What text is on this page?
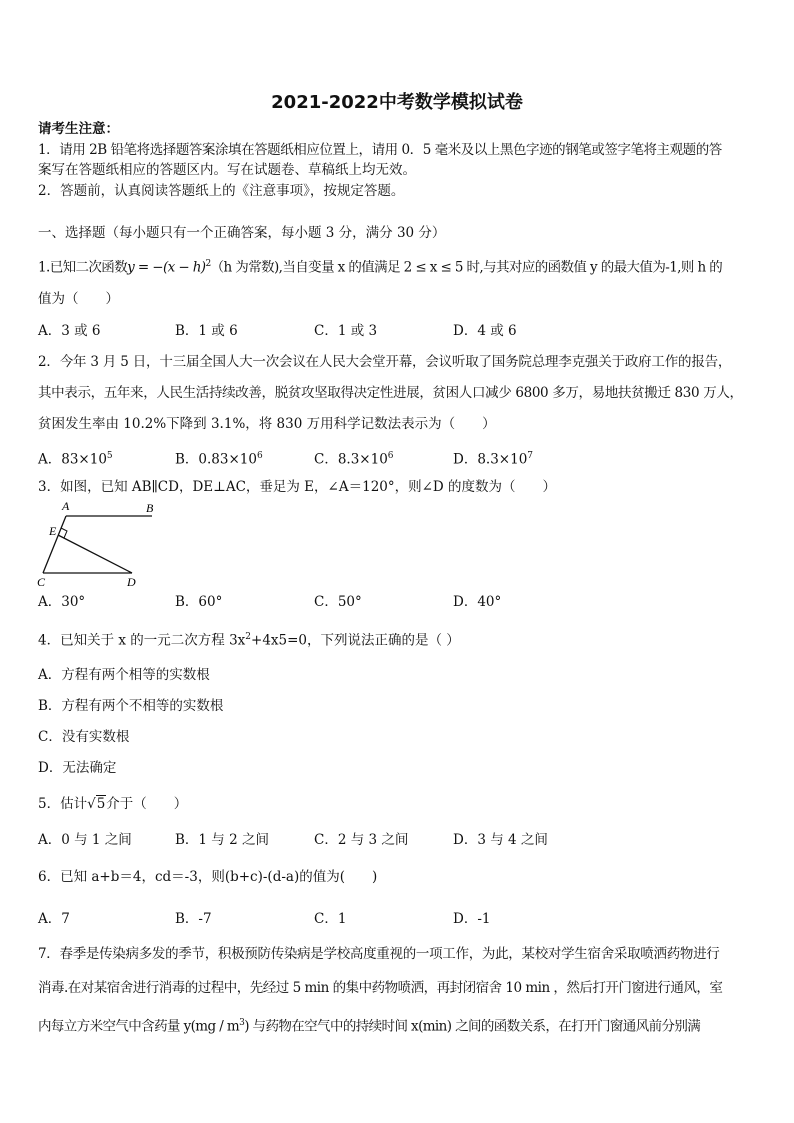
2021-2022中考数学模拟试卷
请考生注意：
1．请用 2B 铅笔将选择题答案涂填在答题纸相应位置上，请用 0．5 毫米及以上黑色字迹的钢笔或签字笔将主观题的答
案写在答题纸相应的答题区内。写在试题卷、草稿纸上均无效。
2．答题前，认真阅读答题纸上的《注意事项》，按规定答题。
一、选择题（每小题只有一个正确答案，每小题 3 分，满分 30 分）
1.已知二次函数$y = -(x - h)^2(h$ 为常数),当自变量 x 的值满足 2 ≤ x ≤ 5 时,与其对应的函数值 y 的最大值为-1,则 h 的
值为（　　）
A．3 或 6	B．1 或 6	C．1 或 3	D．4 或 6
2．今年 3 月 5 日，十三届全国人大一次会议在人民大会堂开幕，会议听取了国务院总理李克强关于政府工作的报告，
其中表示，五年来，人民生活持续改善，脱贫攻坚取得决定性进展，贫困人口减少 6800 多万，易地扶贫搬迁 830 万人，
贫困发生率由 10.2%下降到 3.1%，将 830 万用科学记数法表示为（　　）
A．$83\times 10^5$	B．$0.83\times 10^6$	C．$8.3\times 10^6$	D．$8.3\times 10^7$
3．如图，已知 AB∥CD，DE⊥AC，垂足为 E，∠A＝120°，则∠D 的度数为（　　）
A	B
E
C	D
A．30°	B．60°	C．50°	D．40°
4．已知关于 x 的一元二次方程 $3x^2+4x5=0$，下列说法正确的是（ ）
A．方程有两个相等的实数根
B．方程有两个不相等的实数根
C．没有实数根
D．无法确定
5．估计√5介于（　　）
A．0 与 1 之间	B．1 与 2 之间	C．2 与 3 之间	D．3 与 4 之间
6．已知 a+b＝4，cd＝-3，则(b+c)-(d-a)的值为(　　)
A．7	B．-7	C．1	D．-1
7．春季是传染病多发的季节，积极预防传染病是学校高度重视的一项工作，为此，某校对学生宿舍采取喷洒药物进行
消毒.在对某宿舍进行消毒的过程中，先经过 5 min 的集中药物喷洒，再封闭宿舍 10 min ，然后打开门窗进行通风，室
内每立方米空气中含药量 $y(mg / m^3)$ 与药物在空气中的持续时间 x(min) 之间的函数关系，在打开门窗通风前分别满
